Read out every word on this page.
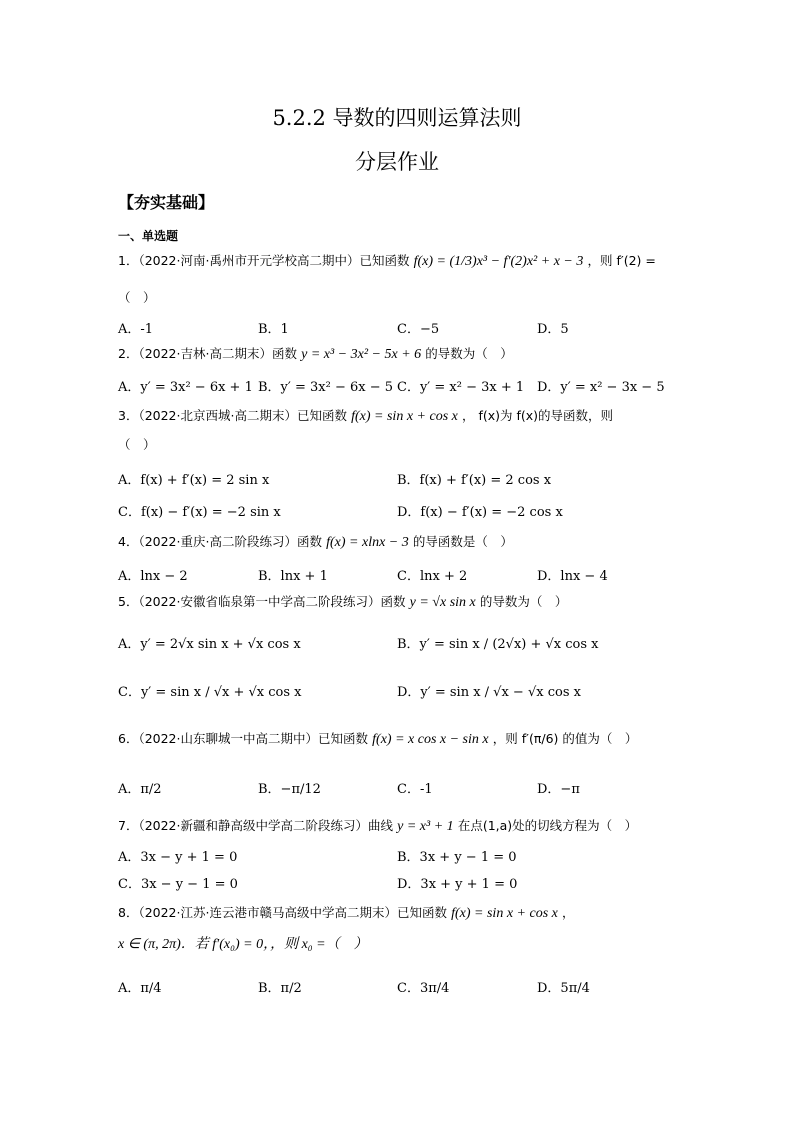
5.2.2 导数的四则运算法则
分层作业
【夯实基础】
一、单选题
1．（2022·河南·禹州市开元学校高二期中）已知函数 f(x) = (1/3)x³ − f′(2)x² + x − 3 ，则 f′(2) =
（　）
A．-1	B．1	C．−5	D．5
2．（2022·吉林·高二期末）函数 y = x³ − 3x² − 5x + 6 的导数为（　）
A．y′ = 3x² − 6x + 1 B．y′ = 3x² − 6x − 5 C．y′ = x² − 3x + 1 D．y′ = x² − 3x − 5
3．（2022·北京西城·高二期末）已知函数 f(x) = sin x + cos x ， f(x)为 f(x)的导函数，则
（　）
A．f(x) + f′(x) = 2 sin x	B．f(x) + f′(x) = 2 cos x
C．f(x) − f′(x) = −2 sin x	D．f(x) − f′(x) = −2 cos x
4．（2022·重庆·高二阶段练习）函数 f(x) = xlnx − 3 的导函数是（　）
A．lnx − 2	B．lnx + 1	C．lnx + 2	D．lnx − 4
5．（2022·安徽省临泉第一中学高二阶段练习）函数 y = √x sin x 的导数为（　）
A．y′ = 2√x sin x + √x cos x	B．y′ = sin x / (2√x) + √x cos x
C．y′ = sin x / √x + √x cos x	D．y′ = sin x / √x − √x cos x
6．（2022·山东聊城一中高二期中）已知函数 f(x) = x cos x − sin x ，则 f′(π/6) 的值为（　）
A．π/2	B．−π/12	C．-1	D．−π
7．（2022·新疆和静高级中学高二阶段练习）曲线 y = x³ + 1 在点(1,a)处的切线方程为（　）
A．3x − y + 1 = 0	B．3x + y − 1 = 0
C．3x − y − 1 = 0	D．3x + y + 1 = 0
8．（2022·江苏·连云港市赣马高级中学高二期末）已知函数 f(x) = sin x + cos x ，
x ∈ (π, 2π)．若 f′(x₀) = 0，，则 x₀ =（　）
A．π/4	B．π/2	C．3π/4	D．5π/4
